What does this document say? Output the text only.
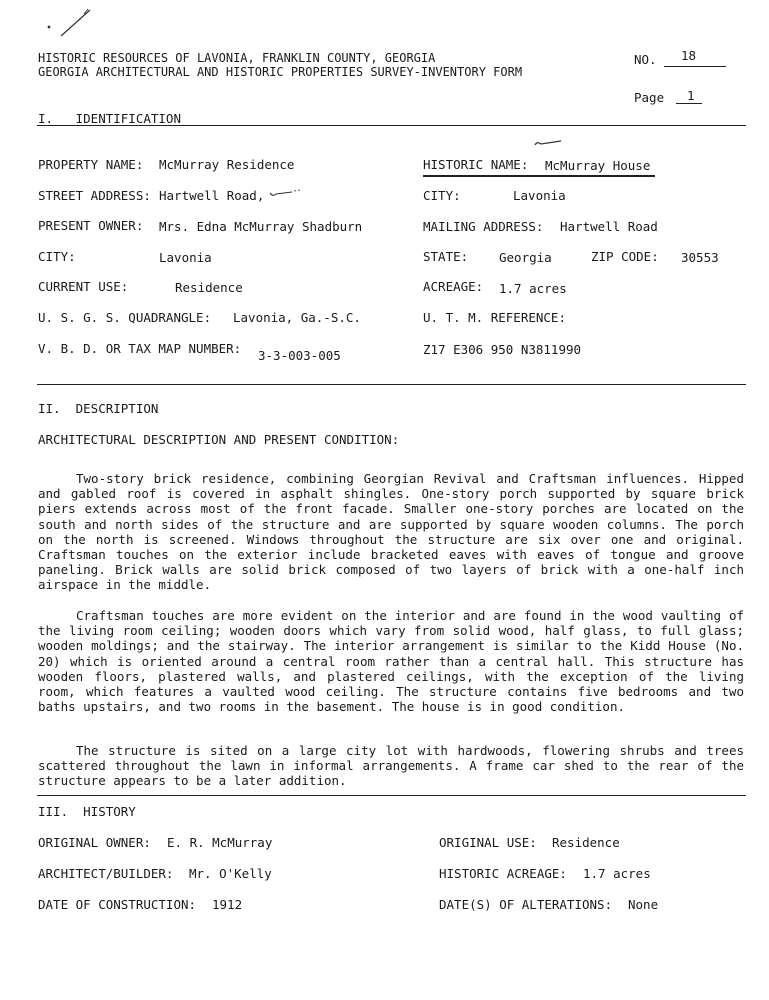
HISTORIC RESOURCES OF LAVONIA, FRANKLIN COUNTY, GEORGIA
GEORGIA ARCHITECTURAL AND HISTORIC PROPERTIES SURVEY-INVENTORY FORM
NO. 18
Page 1
I.   IDENTIFICATION
PROPERTY NAME: McMurray Residence	HISTORIC NAME: McMurray House
STREET ADDRESS: Hartwell Road,	CITY:	Lavonia
PRESENT OWNER: Mrs. Edna McMurray Shadburn	MAILING ADDRESS: Hartwell Road
CITY:	Lavonia	STATE: Georgia	ZIP CODE: 30553
CURRENT USE:	Residence	ACREAGE: 1.7 acres
U. S. G. S. QUADRANGLE: Lavonia, Ga.-S.C.	U. T. M. REFERENCE:
V. B. D. OR TAX MAP NUMBER: 3-3-003-005	Z17 E306 950 N3811990
II.  DESCRIPTION
ARCHITECTURAL DESCRIPTION AND PRESENT CONDITION:

Two-story brick residence, combining Georgian Revival and Craftsman influences. Hipped and gabled roof is covered in asphalt shingles. One-story porch supported by square brick piers extends across most of the front facade. Smaller one-story porches are located on the south and north sides of the structure and are supported by square wooden columns. The porch on the north is screened. Windows throughout the structure are six over one and original. Craftsman touches on the exterior include bracketed eaves with eaves of tongue and groove paneling. Brick walls are solid brick composed of two layers of brick with a one-half inch airspace in the middle.

Craftsman touches are more evident on the interior and are found in the wood vaulting of the living room ceiling; wooden doors which vary from solid wood, half glass, to full glass; wooden moldings; and the stairway. The interior arrangement is similar to the Kidd House (No. 20) which is oriented around a central room rather than a central hall. This structure has wooden floors, plastered walls, and plastered ceilings, with the exception of the living room, which features a vaulted wood ceiling. The structure contains five bedrooms and two baths upstairs, and two rooms in the basement. The house is in good condition.

The structure is sited on a large city lot with hardwoods, flowering shrubs and trees scattered throughout the lawn in informal arrangements. A frame car shed to the rear of the structure appears to be a later addition.

III.  HISTORY
ORIGINAL OWNER: E. R. McMurray	ORIGINAL USE: Residence
ARCHITECT/BUILDER: Mr. O'Kelly	HISTORIC ACREAGE: 1.7 acres
DATE OF CONSTRUCTION: 1912	DATE(S) OF ALTERATIONS: None
